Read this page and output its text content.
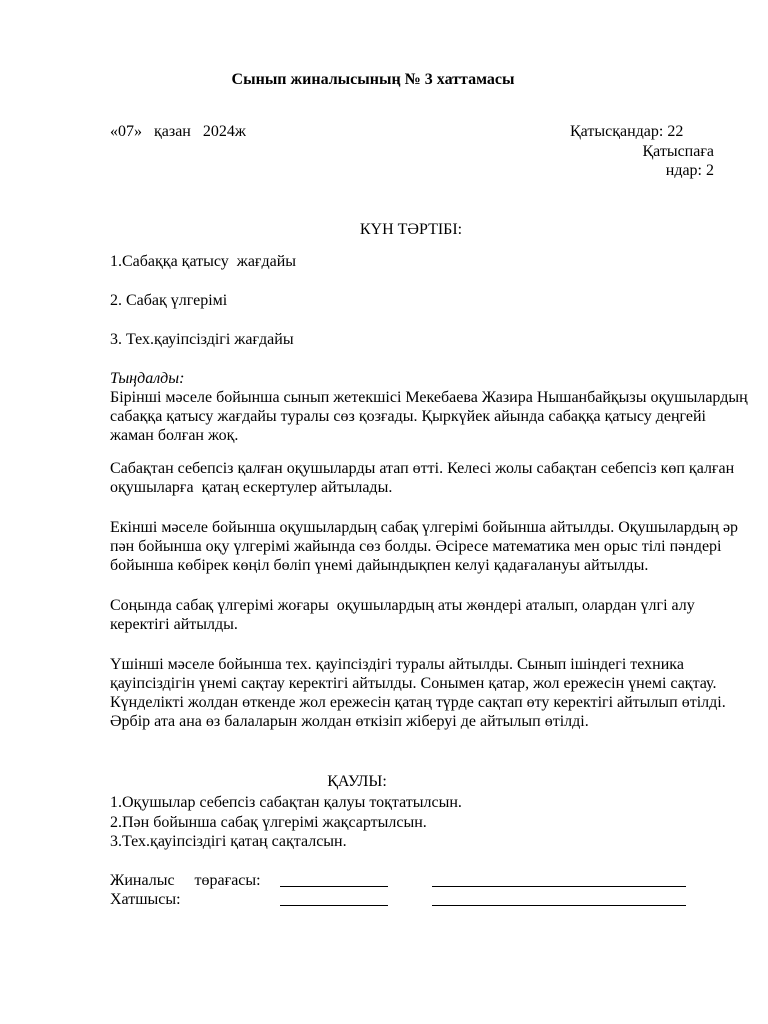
Сынып жиналысының № 3 хаттамасы
«07»   қазан   2024ж	Қатысқандар: 22
Қатыспаға
ндар: 2
КҮН ТӘРТІБІ:
1.Сабаққа қатысу  жағдайы
2. Сабақ үлгерімі
3. Тех.қауіпсіздігі жағдайы
Тыңдалды:
Бірінші мәселе бойынша сынып жетекшісі Мекебаева Жазира Нышанбайқызы оқушылардың сабаққа қатысу жағдайы туралы сөз қозғады. Қыркүйек айында сабаққа қатысу деңгейі жаман болған жоқ.
Сабақтан себепсіз қалған оқушыларды атап өтті. Келесі жолы сабақтан себепсіз көп қалған оқушыларға  қатаң ескертулер айтылады.
Екінші мәселе бойынша оқушылардың сабақ үлгерімі бойынша айтылды. Оқушылардың әр пән бойынша оқу үлгерімі жайында сөз болды. Әсіресе математика мен орыс тілі пәндері бойынша көбірек көңіл бөліп үнемі дайындықпен келуі қадағалануы айтылды.
Соңында сабақ үлгерімі жоғары  оқушылардың аты жөндері аталып, олардан үлгі алу керектігі айтылды.
Үшінші мәселе бойынша тех. қауіпсіздігі туралы айтылды. Сынып ішіндегі техника қауіпсіздігін үнемі сақтау керектігі айтылды. Сонымен қатар, жол ережесін үнемі сақтау. Күнделікті жолдан өткенде жол ережесін қатаң түрде сақтап өту керектігі айтылып өтілді. Әрбір ата ана өз балаларын жолдан өткізіп жіберуі де айтылып өтілді.
ҚАУЛЫ:
1.Оқушылар себепсіз сабақтан қалуы тоқтатылсын.
2.Пән бойынша сабақ үлгерімі жақсартылсын.
3.Тех.қауіпсіздігі қатаң сақталсын.
Жиналыс     төрағасы:
Хатшысы:
